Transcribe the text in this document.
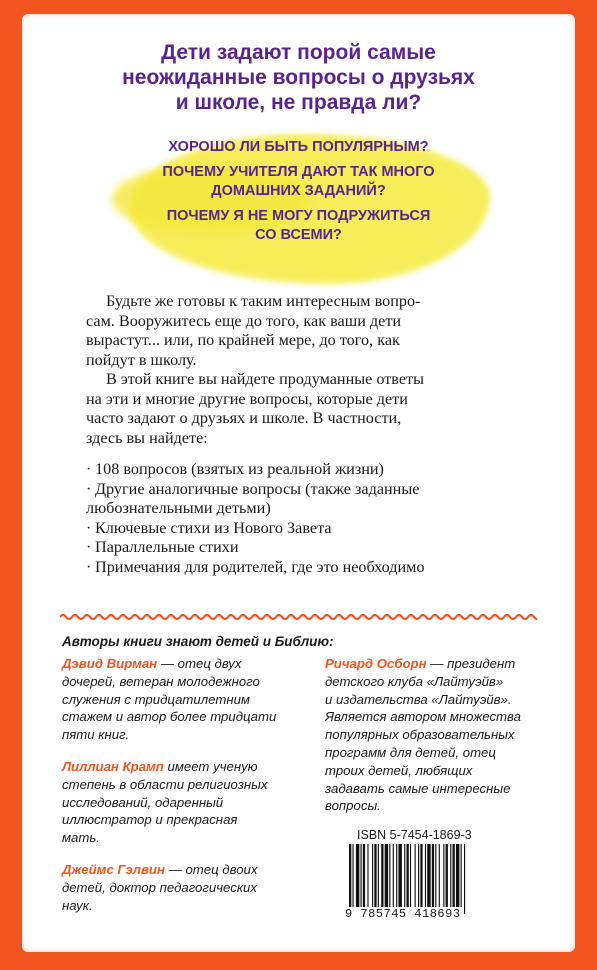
Дети задают порой самые
неожиданные вопросы о друзьях
и школе, не правда ли?
ХОРОШО ЛИ БЫТЬ ПОПУЛЯРНЫМ?
ПОЧЕМУ УЧИТЕЛЯ ДАЮТ ТАК МНОГО
ДОМАШНИХ ЗАДАНИЙ?
ПОЧЕМУ Я НЕ МОГУ ПОДРУЖИТЬСЯ
СО ВСЕМИ?
Будьте же готовы к таким интересным вопро-
сам. Вооружитесь еще до того, как ваши дети
вырастут... или, по крайней мере, до того, как
пойдут в школу.
В этой книге вы найдете продуманные ответы
на эти и многие другие вопросы, которые дети
часто задают о друзьях и школе. В частности,
здесь вы найдете:
· 108 вопросов (взятых из реальной жизни)
· Другие аналогичные вопросы (также заданные
любознательными детьми)
· Ключевые стихи из Нового Завета
· Параллельные стихи
· Примечания для родителей, где это необходимо
Авторы книги знают детей и Библию:
Дэвид Вирман — отец двух
дочерей, ветеран молодежного
служения с тридцатилетним
стажем и автор более тридцати
пяти книг.
Лиллиан Крамп имеет ученую
степень в области религиозных
исследований, одаренный
иллюстратор и прекрасная
мать.
Джеймс Гэлвин — отец двоих
детей, доктор педагогических
наук.
Ричард Осборн — президент
детского клуба «Лайтуэйв»
и издательства «Лайтуэйв».
Является автором множества
популярных образовательных
программ для детей, отец
троих детей, любящих
задавать самые интересные
вопросы.
ISBN 5-7454-1869-3
9 785745 418693
